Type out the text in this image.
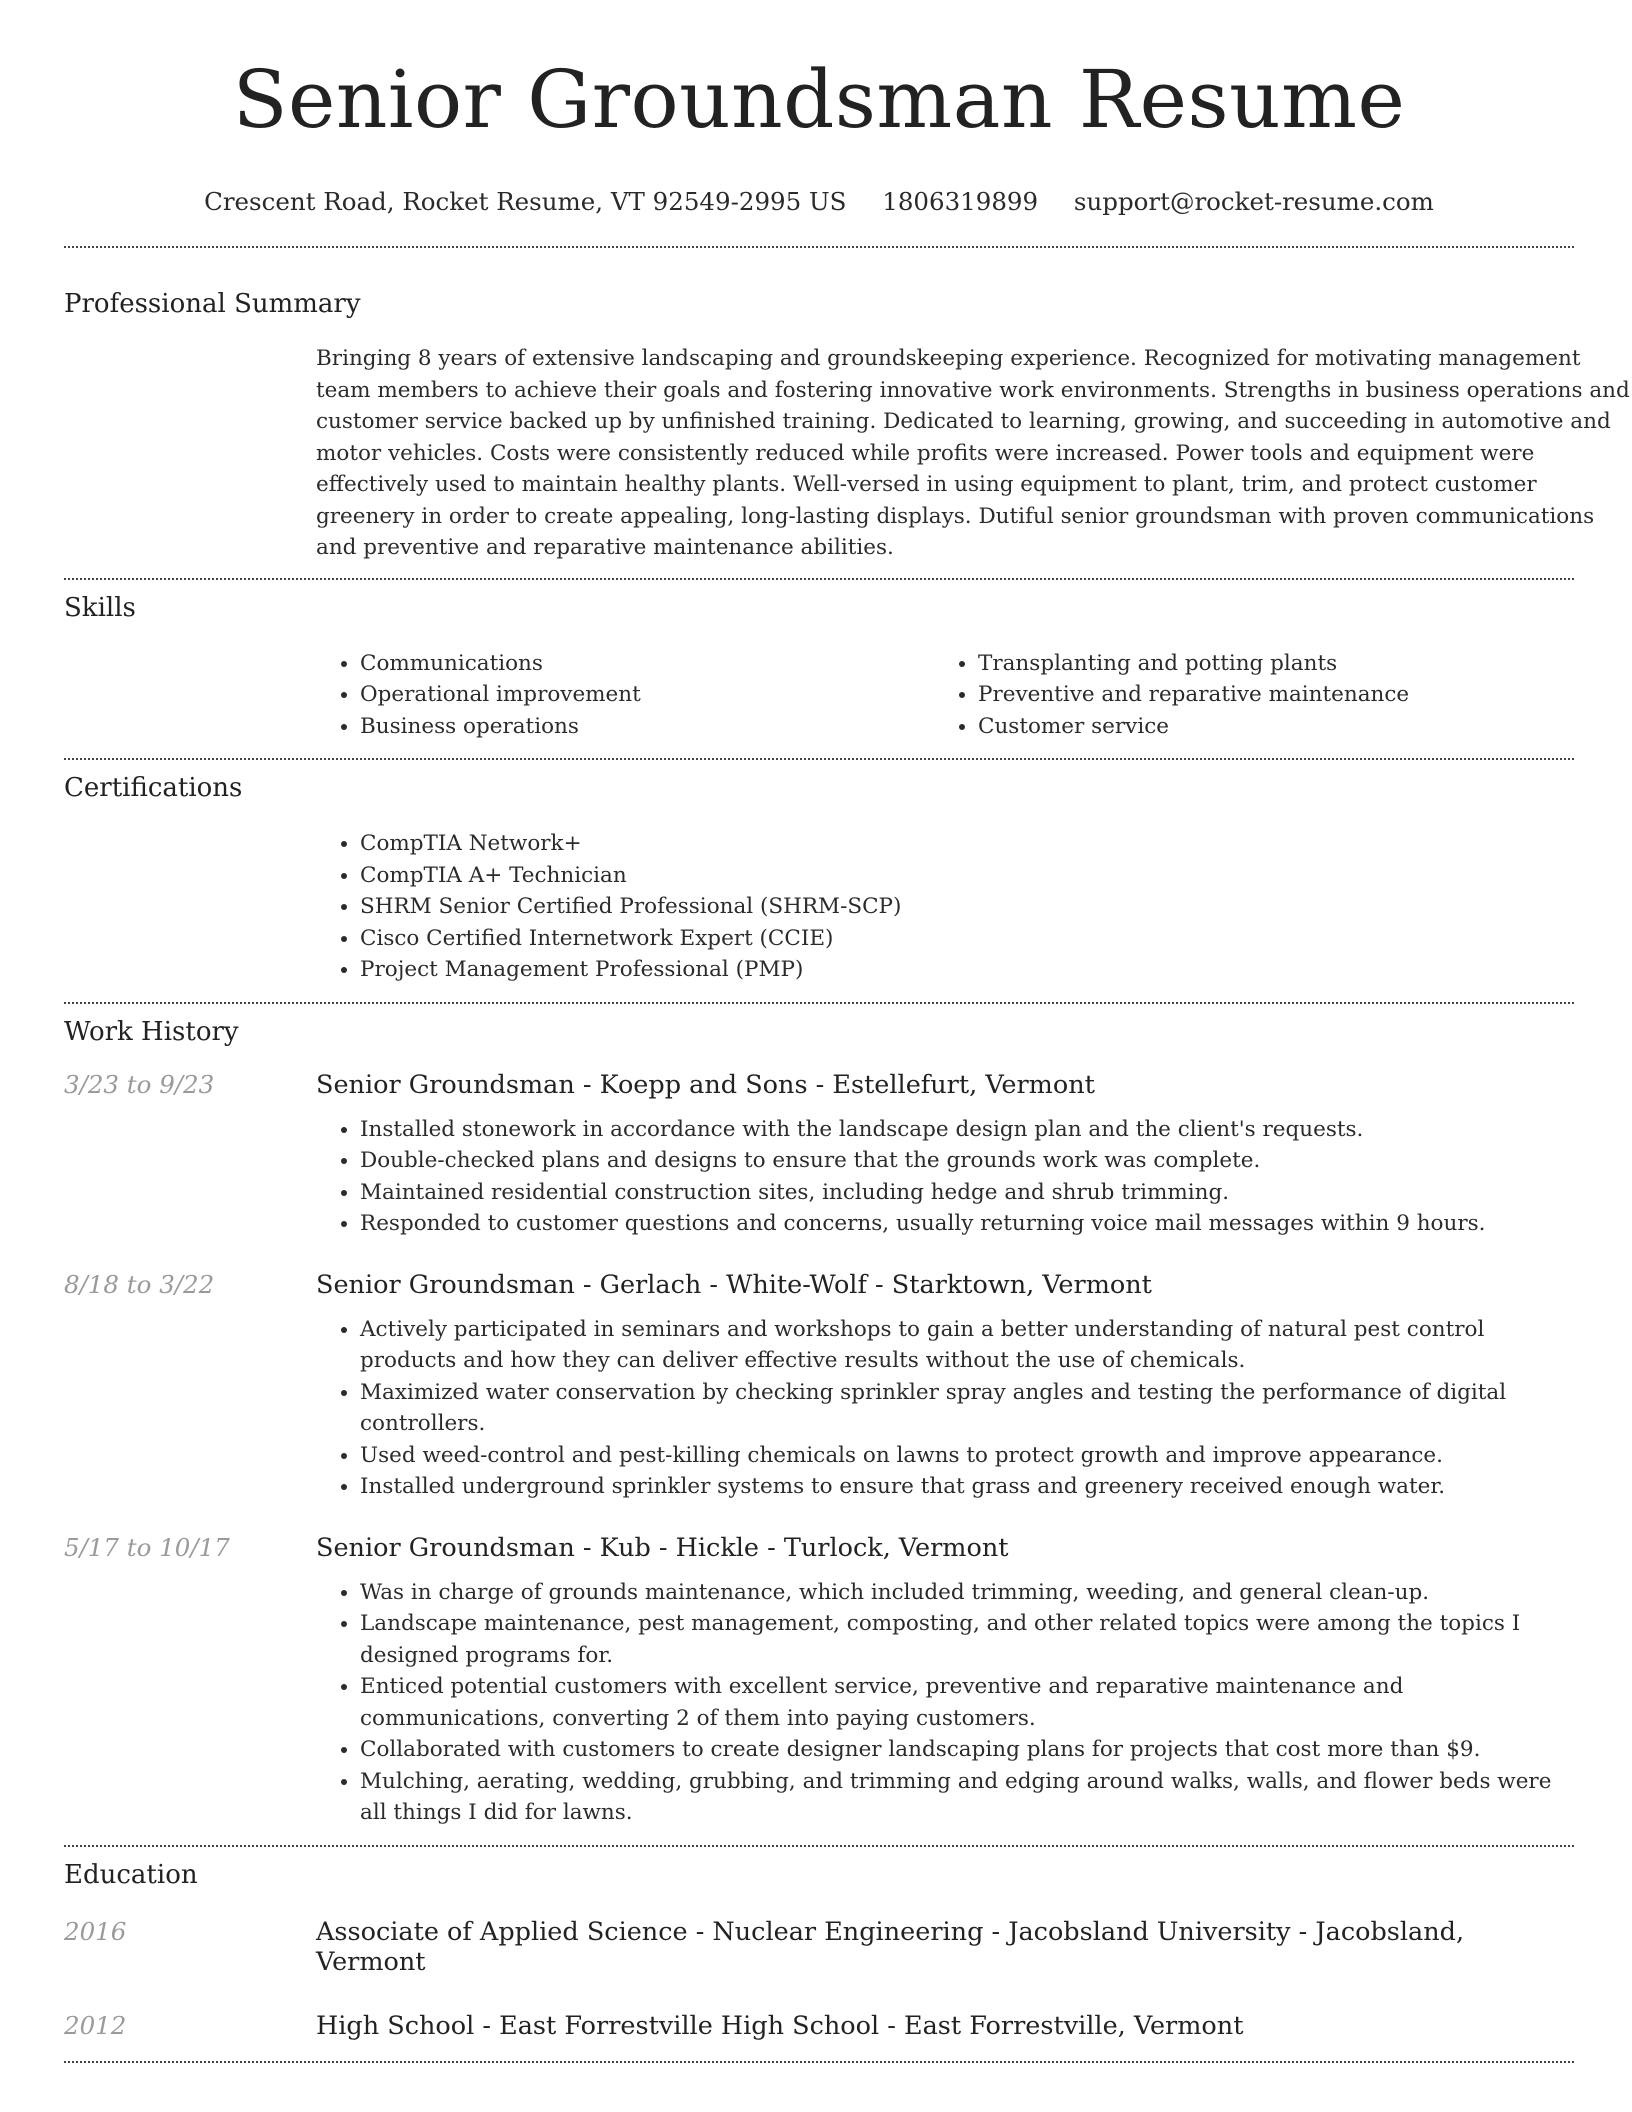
Senior Groundsman Resume
Crescent Road, Rocket Resume, VT 92549-2995 US 1806319899 support@rocket-resume.com
Professional Summary
Bringing 8 years of extensive landscaping and groundskeeping experience. Recognized for motivating management team members to achieve their goals and fostering innovative work environments. Strengths in business operations and customer service backed up by unfinished training. Dedicated to learning, growing, and succeeding in automotive and motor vehicles. Costs were consistently reduced while profits were increased. Power tools and equipment were effectively used to maintain healthy plants. Well-versed in using equipment to plant, trim, and protect customer greenery in order to create appealing, long-lasting displays. Dutiful senior groundsman with proven communications and preventive and reparative maintenance abilities.
Skills
• Communications
• Operational improvement
• Business operations
• Transplanting and potting plants
• Preventive and reparative maintenance
• Customer service
Certifications
• CompTIA Network+
• CompTIA A+ Technician
• SHRM Senior Certified Professional (SHRM-SCP)
• Cisco Certified Internetwork Expert (CCIE)
• Project Management Professional (PMP)
Work History
3/23 to 9/23	Senior Groundsman - Koepp and Sons - Estellefurt, Vermont
• Installed stonework in accordance with the landscape design plan and the client's requests.
• Double-checked plans and designs to ensure that the grounds work was complete.
• Maintained residential construction sites, including hedge and shrub trimming.
• Responded to customer questions and concerns, usually returning voice mail messages within 9 hours.
8/18 to 3/22	Senior Groundsman - Gerlach - White-Wolf - Starktown, Vermont
• Actively participated in seminars and workshops to gain a better understanding of natural pest control products and how they can deliver effective results without the use of chemicals.
• Maximized water conservation by checking sprinkler spray angles and testing the performance of digital controllers.
• Used weed-control and pest-killing chemicals on lawns to protect growth and improve appearance.
• Installed underground sprinkler systems to ensure that grass and greenery received enough water.
5/17 to 10/17	Senior Groundsman - Kub - Hickle - Turlock, Vermont
• Was in charge of grounds maintenance, which included trimming, weeding, and general clean-up.
• Landscape maintenance, pest management, composting, and other related topics were among the topics I designed programs for.
• Enticed potential customers with excellent service, preventive and reparative maintenance and communications, converting 2 of them into paying customers.
• Collaborated with customers to create designer landscaping plans for projects that cost more than $9.
• Mulching, aerating, wedding, grubbing, and trimming and edging around walks, walls, and flower beds were all things I did for lawns.
Education
2016	Associate of Applied Science - Nuclear Engineering - Jacobsland University - Jacobsland, Vermont
2012	High School - East Forrestville High School - East Forrestville, Vermont
